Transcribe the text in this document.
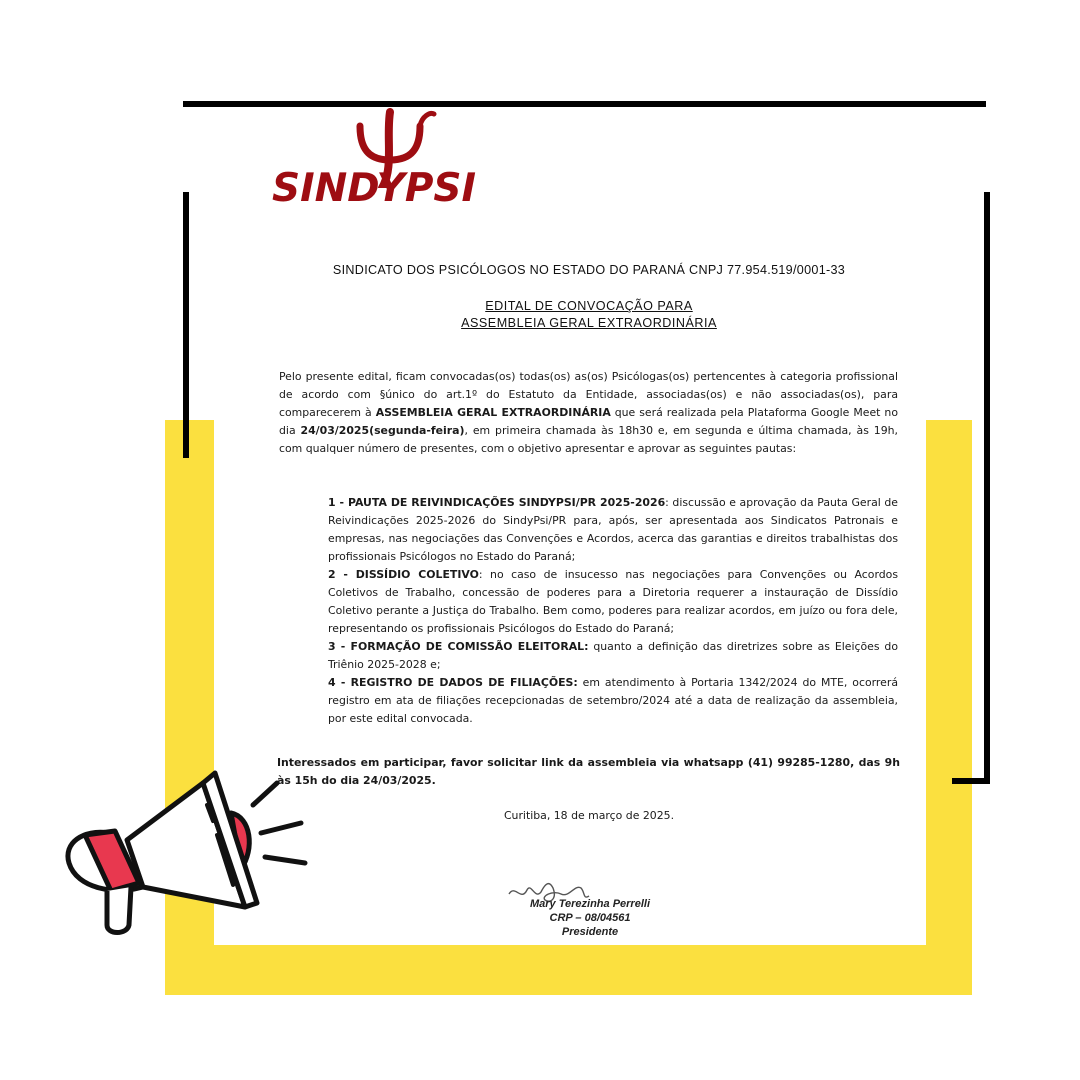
SINDYPSI
SINDICATO DOS PSICÓLOGOS NO ESTADO DO PARANÁ CNPJ 77.954.519/0001-33
EDITAL DE CONVOCAÇÃO PARA
ASSEMBLEIA GERAL EXTRAORDINÁRIA
Pelo presente edital, ficam convocadas(os) todas(os) as(os) Psicólogas(os) pertencentes à categoria profissional de acordo com §único do art.1º do Estatuto da Entidade, associadas(os) e não associadas(os), para comparecerem à ASSEMBLEIA GERAL EXTRAORDINÁRIA que será realizada pela Plataforma Google Meet no dia 24/03/2025(segunda-feira), em primeira chamada às 18h30 e, em segunda e última chamada, às 19h, com qualquer número de presentes, com o objetivo apresentar e aprovar as seguintes pautas:
1 - PAUTA DE REIVINDICAÇÕES SINDYPSI/PR 2025-2026: discussão e aprovação da Pauta Geral de Reivindicações 2025-2026 do SindyPsi/PR para, após, ser apresentada aos Sindicatos Patronais e empresas, nas negociações das Convenções e Acordos, acerca das garantias e direitos trabalhistas dos profissionais Psicólogos no Estado do Paraná;
2 - DISSÍDIO COLETIVO: no caso de insucesso nas negociações para Convenções ou Acordos Coletivos de Trabalho, concessão de poderes para a Diretoria requerer a instauração de Dissídio Coletivo perante a Justiça do Trabalho. Bem como, poderes para realizar acordos, em juízo ou fora dele, representando os profissionais Psicólogos do Estado do Paraná;
3 - FORMAÇÃO DE COMISSÃO ELEITORAL: quanto a definição das diretrizes sobre as Eleições do Triênio 2025-2028 e;
4 - REGISTRO DE DADOS DE FILIAÇÕES: em atendimento à Portaria 1342/2024 do MTE, ocorrerá registro em ata de filiações recepcionadas de setembro/2024 até a data de realização da assembleia, por este edital convocada.
Interessados em participar, favor solicitar link da assembleia via whatsapp (41) 99285-1280, das 9h às 15h do dia 24/03/2025.
Curitiba, 18 de março de 2025.
Mary Terezinha Perrelli
CRP – 08/04561
Presidente
